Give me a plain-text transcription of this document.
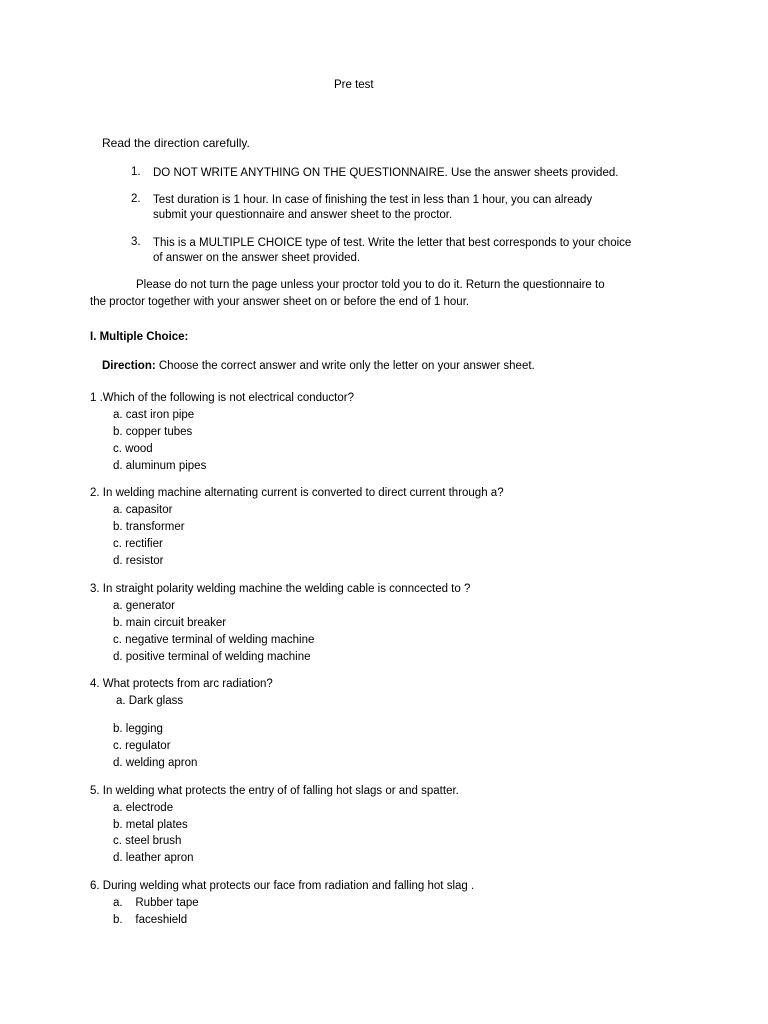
Pre test
Read the direction carefully.
1. DO NOT WRITE ANYTHING ON THE QUESTIONNAIRE. Use the answer sheets provided.
2. Test duration is 1 hour. In case of finishing the test in less than 1 hour, you can already
submit your questionnaire and answer sheet to the proctor.
3. This is a MULTIPLE CHOICE type of test. Write the letter that best corresponds to your choice
of answer on the answer sheet provided.
Please do not turn the page unless your proctor told you to do it. Return the questionnaire to
the proctor together with your answer sheet on or before the end of 1 hour.
I. Multiple Choice:
Direction: Choose the correct answer and write only the letter on your answer sheet.
1 .Which of the following is not electrical conductor?
a. cast iron pipe
b. copper tubes
c. wood
d. aluminum pipes
2. In welding machine alternating current is converted to direct current through a?
a. capasitor
b. transformer
c. rectifier
d. resistor
3. In straight polarity welding machine the welding cable is conncected to ?
a. generator
b. main circuit breaker
c. negative terminal of welding machine
d. positive terminal of welding machine
4. What protects from arc radiation?
a. Dark glass
b. legging
c. regulator
d. welding apron
5. In welding what protects the entry of of falling hot slags or and spatter.
a. electrode
b. metal plates
c. steel brush
d. leather apron
6. During welding what protects our face from radiation and falling hot slag .
a.    Rubber tape
b.    faceshield
